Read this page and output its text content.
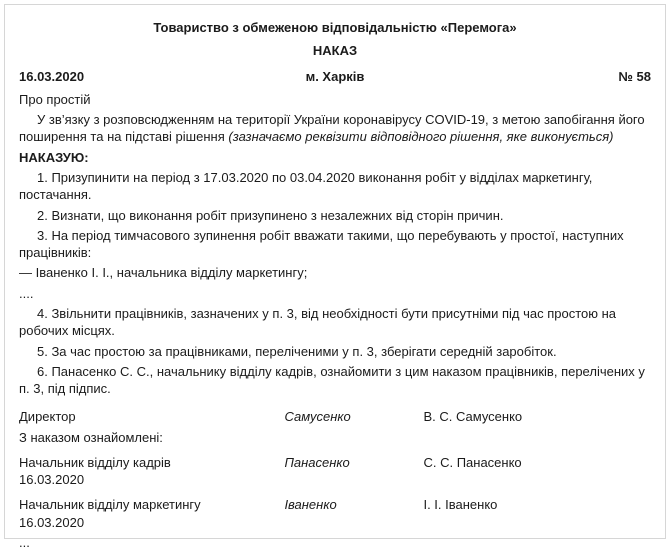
Товариство з обмеженою відповідальністю «Перемога»
НАКАЗ
16.03.2020	м. Харків	№ 58

Про простій

У зв’язку з розповсюдженням на території України коронавірусу COVID-19, з метою запобігання його поширення та на підставі рішення (зазначаємо реквізити відповідного рішення, яке виконується)

НАКАЗУЮ:

1. Призупинити на період з 17.03.2020 по 03.04.2020 виконання робіт у відділах маркетингу, постачання.

2. Визнати, що виконання робіт призупинено з незалежних від сторін причин.

3. На період тимчасового зупинення робіт вважати такими, що перебувають у простої, наступних працівників:

— Іваненко І. І., начальника відділу маркетингу;

....

4. Звільнити працівників, зазначених у п. 3, від необхідності бути присутніми під час простою на робочих місцях.

5. За час простою за працівниками, переліченими у п. 3, зберігати середній заробіток.

6. Панасенко С. С., начальнику відділу кадрів, ознайомити з цим наказом працівників, перелічених у п. 3, під підпис.

Директор	Самусенко	В. С. Самусенко

З наказом ознайомлені:

Начальник відділу кадрів
16.03.2020
Панасенко	С. С. Панасенко
Начальник відділу маркетингу
16.03.2020
Іваненко	І. І. Іваненко

...
